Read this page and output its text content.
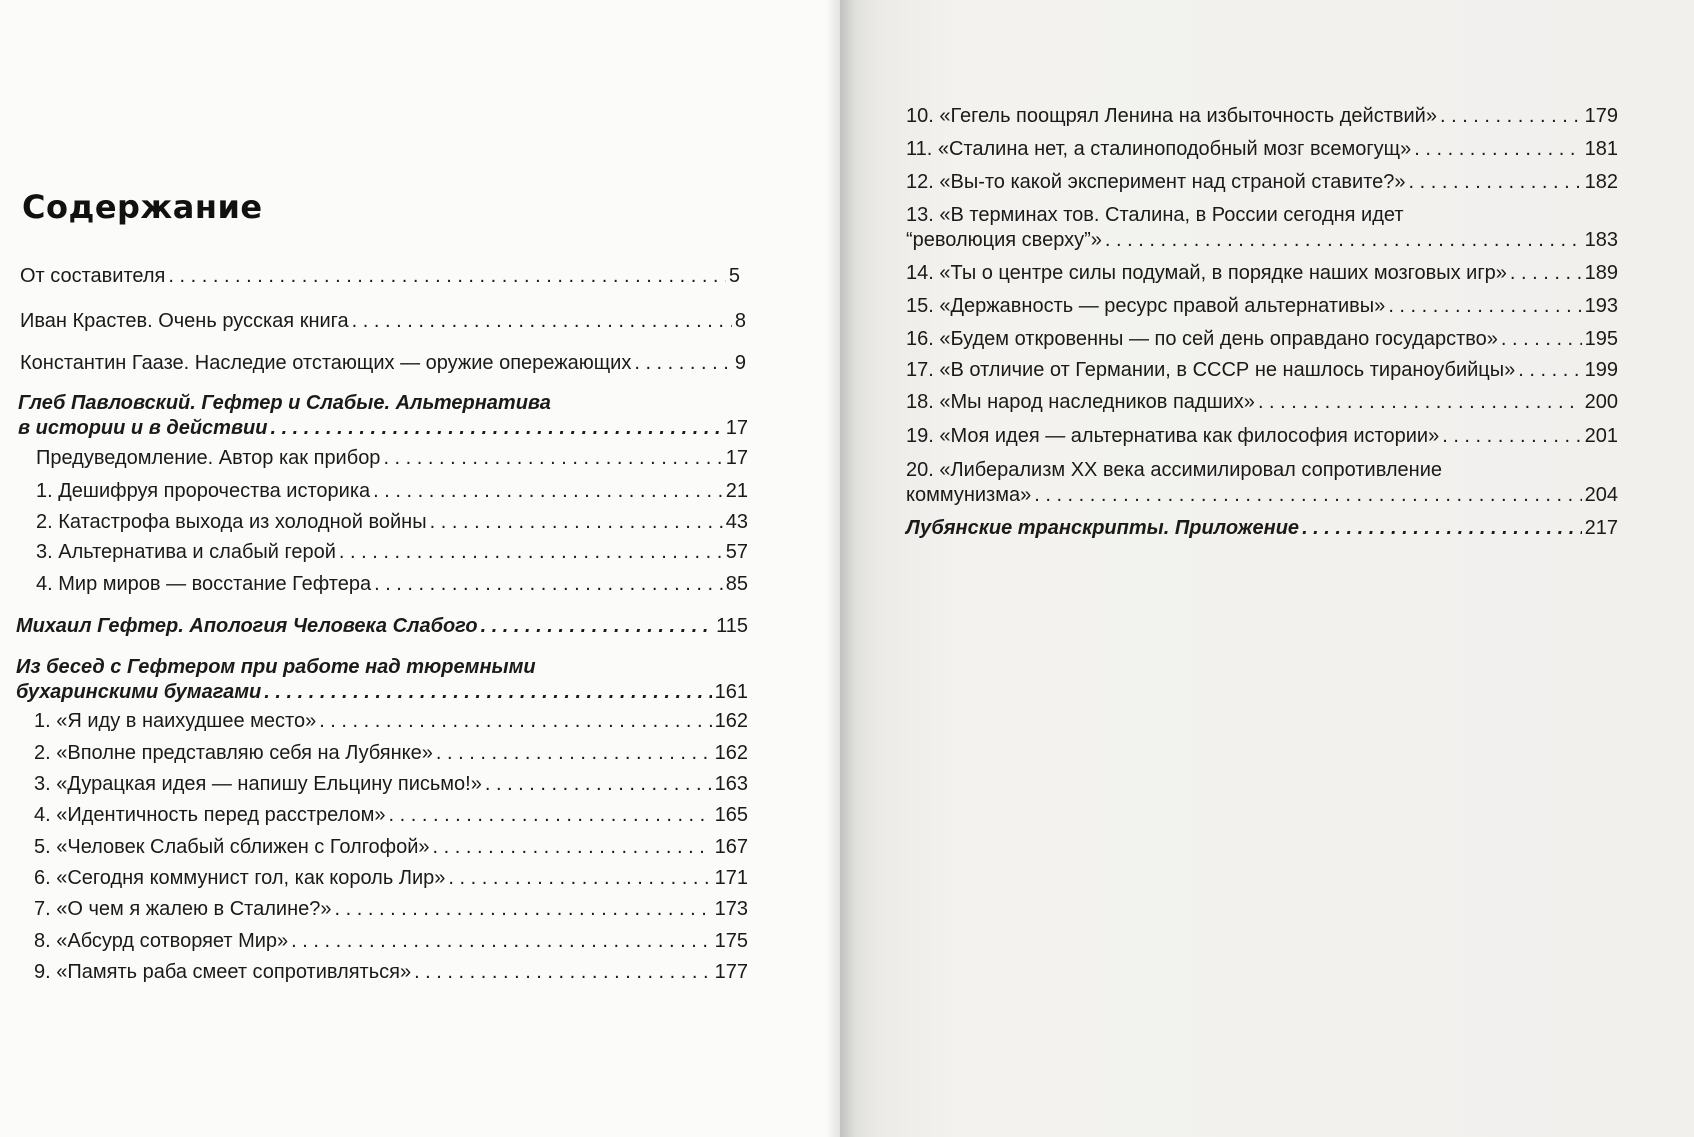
Содержание
От составителя . . .	5
Иван Крастев. Очень русская книга . . .	8
Константин Гаазе. Наследие отстающих — оружие опережающих . . .	9
Глеб Павловский. Гефтер и Слабые. Альтернатива
в истории и в действии . . .	17
Предуведомление. Автор как прибор . . .	17
1. Дешифруя пророчества историка . . .	21
2. Катастрофа выхода из холодной войны . . .	43
3. Альтернатива и слабый герой . . .	57
4. Мир миров — восстание Гефтера . . .	85
Михаил Гефтер. Апология Человека Слабого . . .	115
Из бесед с Гефтером при работе над тюремными
бухаринскими бумагами . . .	161
1. «Я иду в наихудшее место» . . .	162
2. «Вполне представляю себя на Лубянке» . . .	162
3. «Дурацкая идея — напишу Ельцину письмо!» . . .	163
4. «Идентичность перед расстрелом» . . .	165
5. «Человек Слабый сближен с Голгофой» . . .	167
6. «Сегодня коммунист гол, как король Лир» . . .	171
7. «О чем я жалею в Сталине?» . . .	173
8. «Абсурд сотворяет Мир» . . .	175
9. «Память раба смеет сопротивляться» . . .	177

10. «Гегель поощрял Ленина на избыточность действий» . . .	179
11. «Сталина нет, а сталиноподобный мозг всемогущ» . . .	181
12. «Вы-то какой эксперимент над страной ставите?» . . .	182
13. «В терминах тов. Сталина, в России сегодня идет
“революция сверху”» . . .	183
14. «Ты о центре силы подумай, в порядке наших мозговых игр» . . .	189
15. «Державность — ресурс правой альтернативы» . . .	193
16. «Будем откровенны — по сей день оправдано государство» . . .	195
17. «В отличие от Германии, в СССР не нашлось тираноубийцы» . . .	199
18. «Мы народ наследников падших» . . .	200
19. «Моя идея — альтернатива как философия истории» . . .	201
20. «Либерализм XX века ассимилировал сопротивление
коммунизма» . . .	204
Лубянские транскрипты. Приложение . . .	217
